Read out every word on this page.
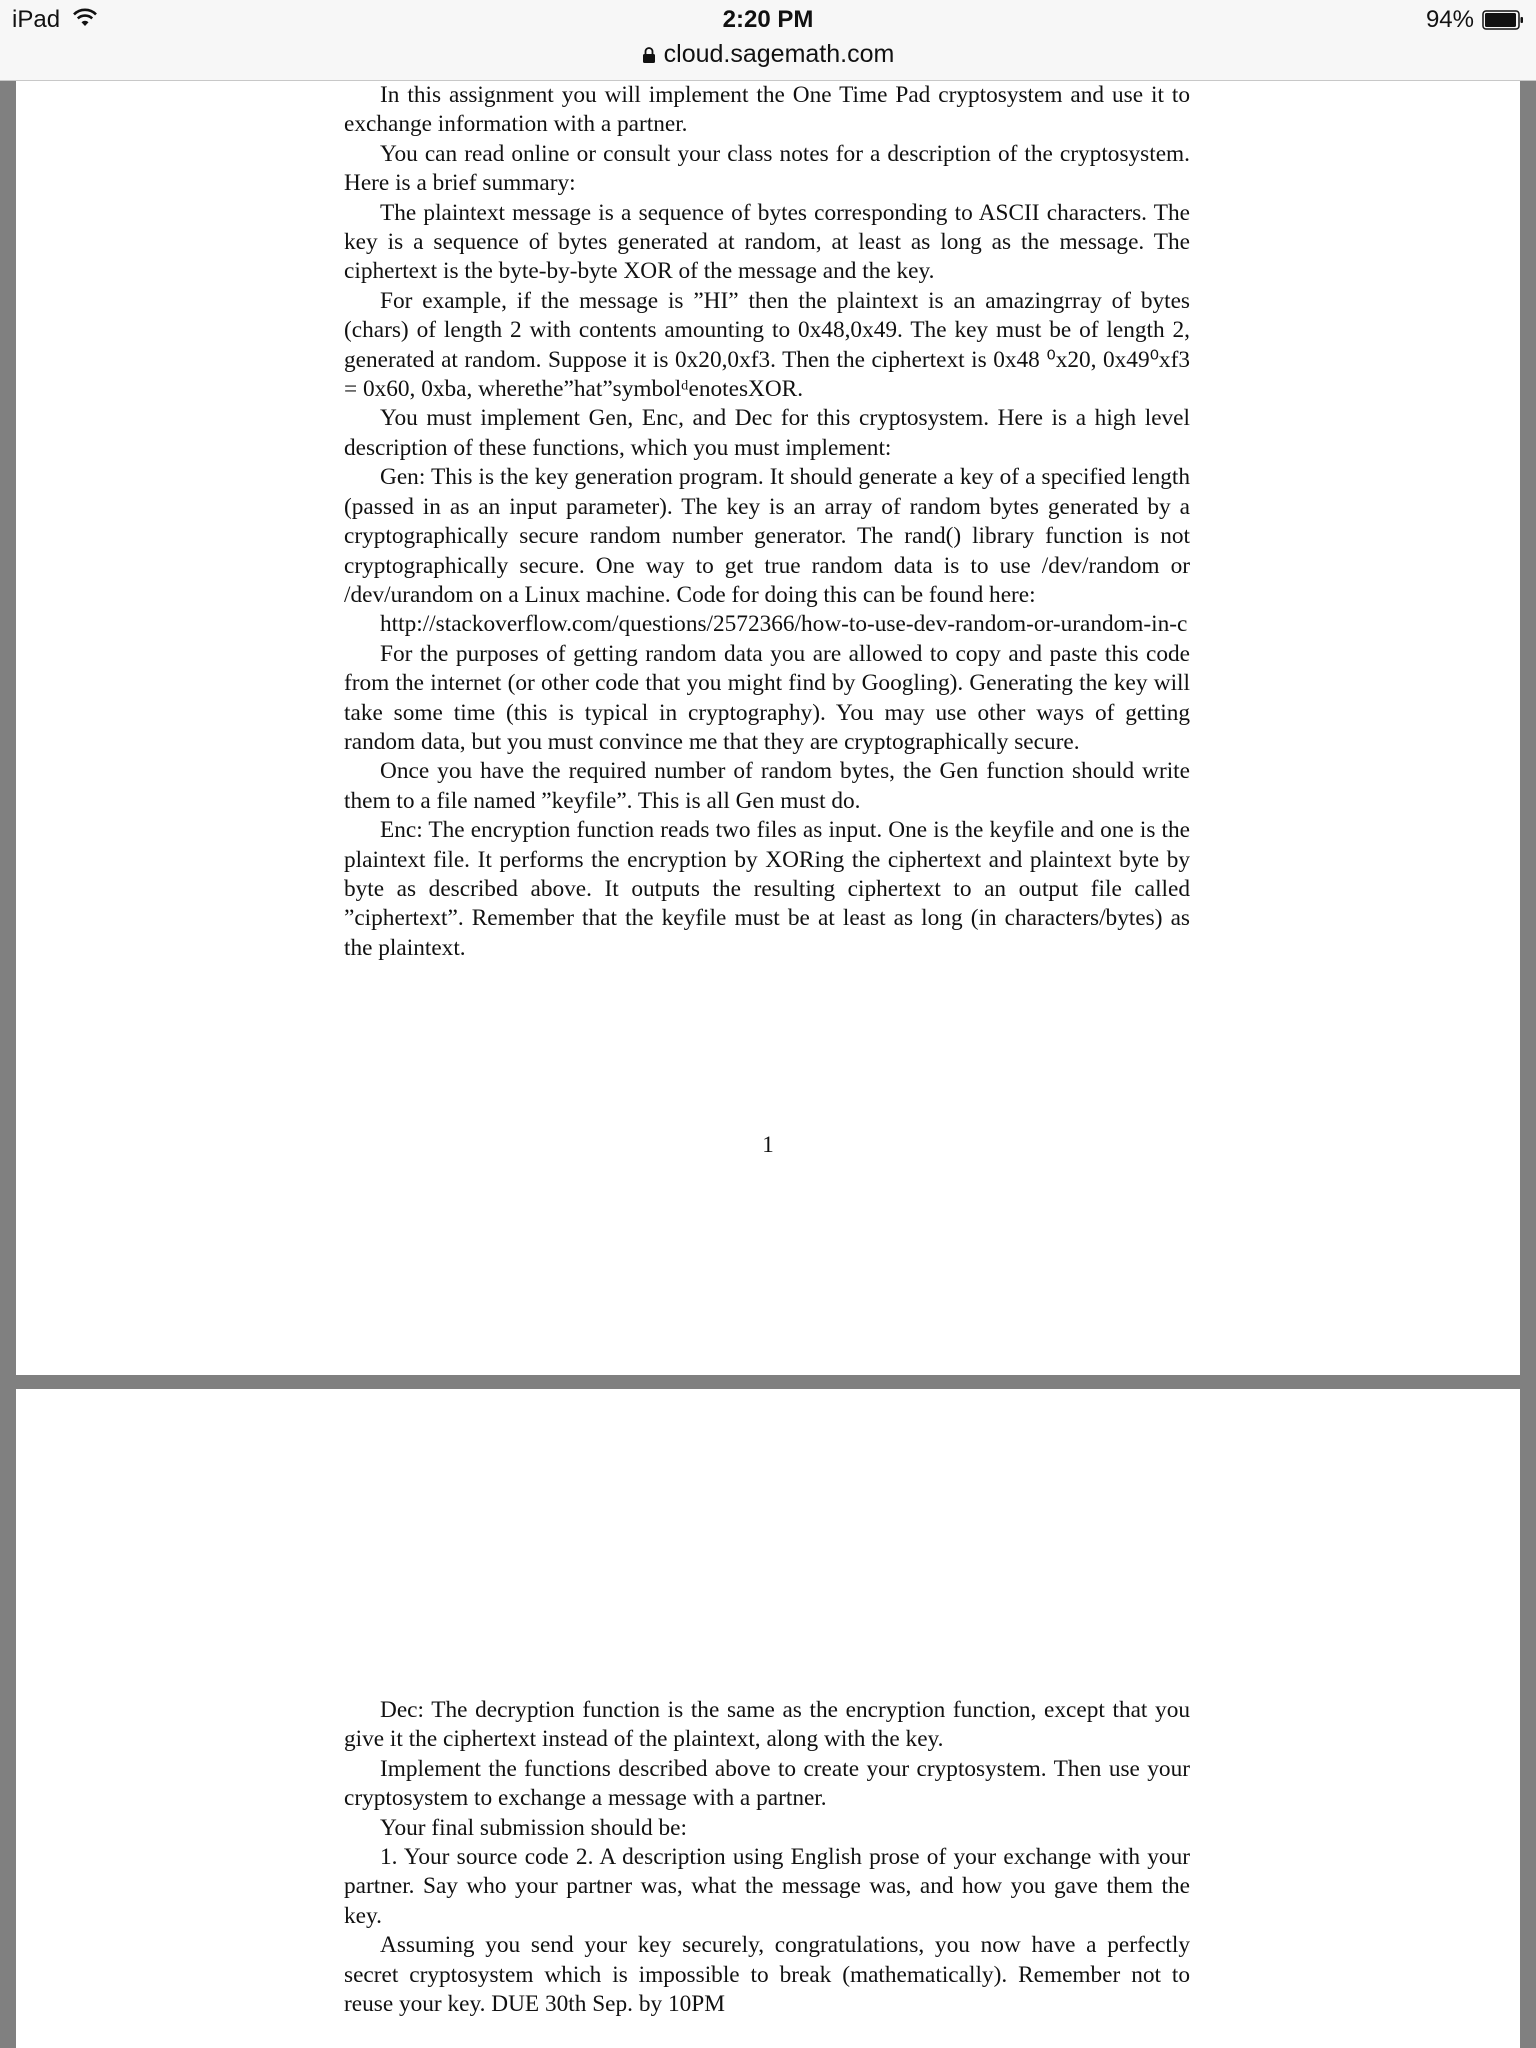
iPad	2:20 PM	94%
cloud.sagemath.com

In this assignment you will implement the One Time Pad cryptosystem and use it to exchange information with a partner.

You can read online or consult your class notes for a description of the cryptosystem. Here is a brief summary:

The plaintext message is a sequence of bytes corresponding to ASCII characters. The key is a sequence of bytes generated at random, at least as long as the message. The ciphertext is the byte-by-byte XOR of the message and the key.

For example, if the message is ”HI” then the plaintext is an amazingrray of bytes (chars) of length 2 with contents amounting to 0x48,0x49. The key must be of length 2, generated at random. Suppose it is 0x20,0xf3. Then the ciphertext is 0x48 ⁰x20, 0x49⁰xf3 = 0x60, 0xba, wherethe”hat”symbolᵈenotesXOR.

You must implement Gen, Enc, and Dec for this cryptosystem. Here is a high level description of these functions, which you must implement:

Gen: This is the key generation program. It should generate a key of a specified length (passed in as an input parameter). The key is an array of random bytes generated by a cryptographically secure random number generator. The rand() library function is not cryptographically secure. One way to get true random data is to use /dev/random or /dev/urandom on a Linux machine. Code for doing this can be found here:

http://stackoverflow.com/questions/2572366/how-to-use-dev-random-or-urandom-in-c

For the purposes of getting random data you are allowed to copy and paste this code from the internet (or other code that you might find by Googling). Generating the key will take some time (this is typical in cryptography). You may use other ways of getting random data, but you must convince me that they are cryptographically secure.

Once you have the required number of random bytes, the Gen function should write them to a file named ”keyfile”. This is all Gen must do.

Enc: The encryption function reads two files as input. One is the keyfile and one is the plaintext file. It performs the encryption by XORing the ciphertext and plaintext byte by byte as described above. It outputs the resulting ciphertext to an output file called ”ciphertext”. Remember that the keyfile must be at least as long (in characters/bytes) as the plaintext.

1

Dec: The decryption function is the same as the encryption function, except that you give it the ciphertext instead of the plaintext, along with the key.

Implement the functions described above to create your cryptosystem. Then use your cryptosystem to exchange a message with a partner.

Your final submission should be:

1. Your source code 2. A description using English prose of your exchange with your partner. Say who your partner was, what the message was, and how you gave them the key.

Assuming you send your key securely, congratulations, you now have a perfectly secret cryptosystem which is impossible to break (mathematically). Remember not to reuse your key. DUE 30th Sep. by 10PM
